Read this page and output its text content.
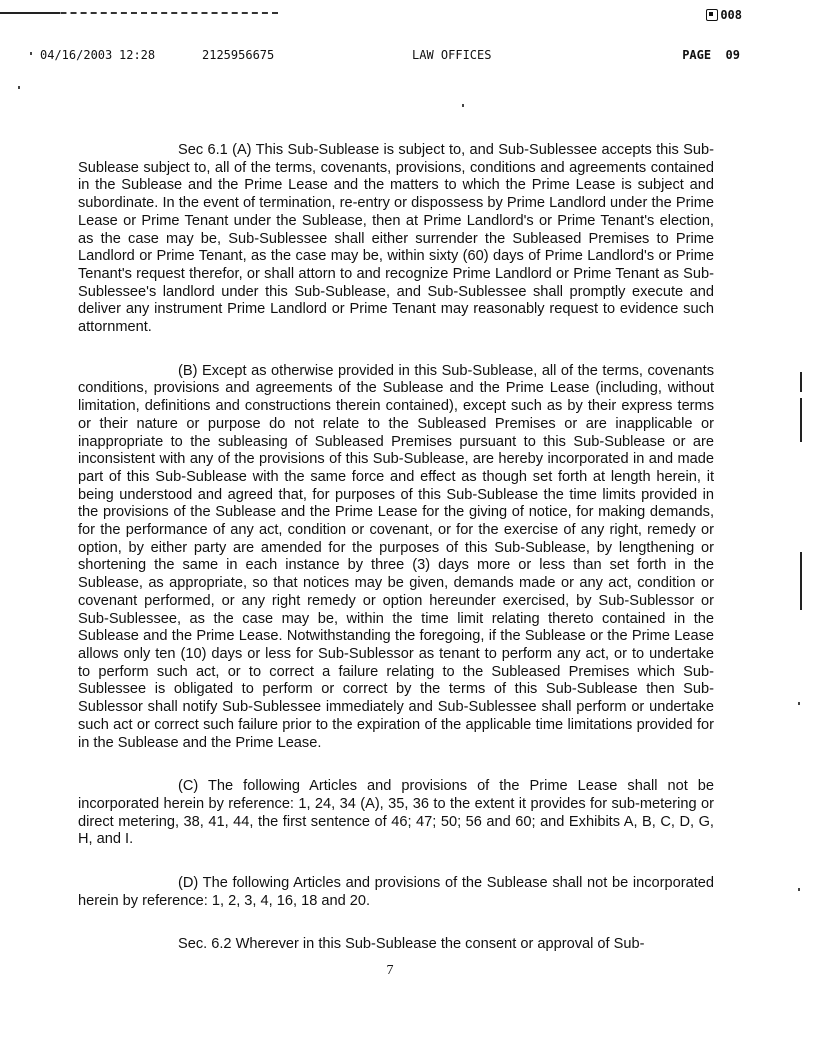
008
04/16/2003 12:28	2125956675	LAW OFFICES	PAGE  09

Sec 6.1 (A) This Sub-Sublease is subject to, and Sub-Sublessee accepts this Sub-Sublease subject to, all of the terms, covenants, provisions, conditions and agreements contained in the Sublease and the Prime Lease and the matters to which the Prime Lease is subject and subordinate. In the event of termination, re-entry or dispossess by Prime Landlord under the Prime Lease or Prime Tenant under the Sublease, then at Prime Landlord's or Prime Tenant's election, as the case may be, Sub-Sublessee shall either surrender the Subleased Premises to Prime Landlord or Prime Tenant, as the case may be, within sixty (60) days of Prime Landlord's or Prime Tenant's request therefor, or shall attorn to and recognize Prime Landlord or Prime Tenant as Sub-Sublessee's landlord under this Sub-Sublease, and Sub-Sublessee shall promptly execute and deliver any instrument Prime Landlord or Prime Tenant may reasonably request to evidence such attornment.

(B) Except as otherwise provided in this Sub-Sublease, all of the terms, covenants conditions, provisions and agreements of the Sublease and the Prime Lease (including, without limitation, definitions and constructions therein contained), except such as by their express terms or their nature or purpose do not relate to the Subleased Premises or are inapplicable or inappropriate to the subleasing of Subleased Premises pursuant to this Sub-Sublease or are inconsistent with any of the provisions of this Sub-Sublease, are hereby incorporated in and made part of this Sub-Sublease with the same force and effect as though set forth at length herein, it being understood and agreed that, for purposes of this Sub-Sublease the time limits provided in the provisions of the Sublease and the Prime Lease for the giving of notice, for making demands, for the performance of any act, condition or covenant, or for the exercise of any right, remedy or option, by either party are amended for the purposes of this Sub-Sublease, by lengthening or shortening the same in each instance by three (3) days more or less than set forth in the Sublease, as appropriate, so that notices may be given, demands made or any act, condition or covenant performed, or any right remedy or option hereunder exercised, by Sub-Sublessor or Sub-Sublessee, as the case may be, within the time limit relating thereto contained in the Sublease and the Prime Lease. Notwithstanding the foregoing, if the Sublease or the Prime Lease allows only ten (10) days or less for Sub-Sublessor as tenant to perform any act, or to undertake to perform such act, or to correct a failure relating to the Subleased Premises which Sub-Sublessee is obligated to perform or correct by the terms of this Sub-Sublease then Sub-Sublessor shall notify Sub-Sublessee immediately and Sub-Sublessee shall perform or undertake such act or correct such failure prior to the expiration of the applicable time limitations provided for in the Sublease and the Prime Lease.

(C) The following Articles and provisions of the Prime Lease shall not be incorporated herein by reference: 1, 24, 34 (A), 35, 36 to the extent it provides for sub-metering or direct metering, 38, 41, 44, the first sentence of 46; 47; 50; 56 and 60; and Exhibits A, B, C, D, G, H, and I.

(D) The following Articles and provisions of the Sublease shall not be incorporated herein by reference: 1, 2, 3, 4, 16, 18 and 20.

Sec. 6.2 Wherever in this Sub-Sublease the consent or approval of Sub-

7
